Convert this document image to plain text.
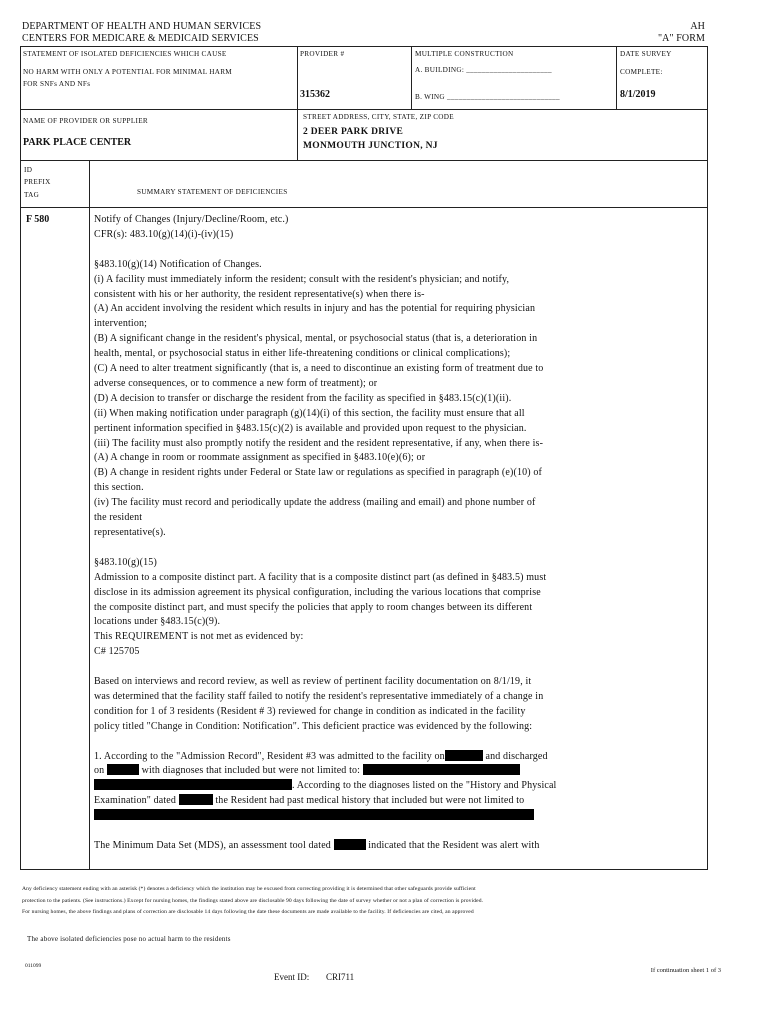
DEPARTMENT OF HEALTH AND HUMAN SERVICES
CENTERS FOR MEDICARE & MEDICAID SERVICES
AH
"A" FORM
STATEMENT OF ISOLATED DEFICIENCIES WHICH CAUSE
NO HARM WITH ONLY A POTENTIAL FOR MINIMAL HARM
FOR SNFs AND NFs
PROVIDER #
315362
MULTIPLE CONSTRUCTION
A. BUILDING: ______________________
B. WING _____________________________
DATE SURVEY
COMPLETE:
8/1/2019
NAME OF PROVIDER OR SUPPLIER
PARK PLACE CENTER
STREET ADDRESS, CITY, STATE, ZIP CODE
2 DEER PARK DRIVE
MONMOUTH JUNCTION, NJ
ID
PREFIX
TAG	SUMMARY STATEMENT OF DEFICIENCIES
F 580	Notify of Changes (Injury/Decline/Room, etc.)

CFR(s): 483.10(g)(14)(i)-(iv)(15)

§483.10(g)(14) Notification of Changes.

(i) A facility must immediately inform the resident; consult with the resident's physician; and notify,

consistent with his or her authority, the resident representative(s) when there is-

(A) An accident involving the resident which results in injury and has the potential for requiring physician

intervention;

(B) A significant change in the resident's physical, mental, or psychosocial status (that is, a deterioration in

health, mental, or psychosocial status in either life-threatening conditions or clinical complications);

(C) A need to alter treatment significantly (that is, a need to discontinue an existing form of treatment due to

adverse consequences, or to commence a new form of treatment); or

(D) A decision to transfer or discharge the resident from the facility as specified in §483.15(c)(1)(ii).

(ii) When making notification under paragraph (g)(14)(i) of this section, the facility must ensure that all

pertinent information specified in §483.15(c)(2) is available and provided upon request to the physician.

(iii) The facility must also promptly notify the resident and the resident representative, if any, when there is-

(A) A change in room or roommate assignment as specified in §483.10(e)(6); or

(B) A change in resident rights under Federal or State law or regulations as specified in paragraph (e)(10) of

this section.

(iv) The facility must record and periodically update the address (mailing and email) and phone number of

the resident

representative(s).

§483.10(g)(15)

Admission to a composite distinct part. A facility that is a composite distinct part (as defined in §483.5) must

disclose in its admission agreement its physical configuration, including the various locations that comprise

the composite distinct part, and must specify the policies that apply to room changes between its different

locations under §483.15(c)(9).

This REQUIREMENT is not met as evidenced by:

C# 125705

Based on interviews and record review, as well as review of pertinent facility documentation on 8/1/19, it

was determined that the facility staff failed to notify the resident's representative immediately of a change in

condition for 1 of 3 residents (Resident # 3) reviewed for change in condition as indicated in the facility

policy titled "Change in Condition: Notification". This deficient practice was evidenced by the following:

1. According to the "Admission Record", Resident #3 was admitted to the facility on	and discharged

on	with diagnoses that included but were not limited to:

. According to the diagnoses listed on the "History and Physical

Examination" dated	the Resident had past medical history that included but were not limited to

The Minimum Data Set (MDS), an assessment tool dated	indicated that the Resident was alert with

Any deficiency statement ending with an asterisk (*) denotes a deficiency which the institution may be excused from correcting providing it is determined that other safeguards provide sufficient
protection to the patients. (See instructions.) Except for nursing homes, the findings stated above are disclosable 90 days following the date of survey whether or not a plan of correction is provided.
For nursing homes, the above findings and plans of correction are disclosable 14 days following the date these documents are made available to the facility. If deficiencies are cited, an approved
The above isolated deficiencies pose no actual harm to the residents
011099
Event ID: CRI711
If continuation sheet 1 of 3
